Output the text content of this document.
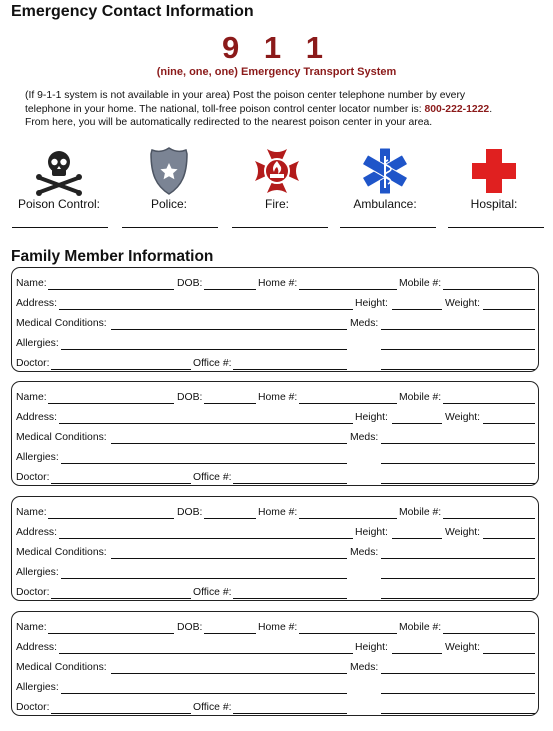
Emergency Contact Information
9 1 1
(nine, one, one) Emergency Transport System
(If 9-1-1 system is not available in your area) Post the poison center telephone number by every
telephone in your home. The national, toll-free poison control center locator number is: 800-222-1222.
From here, you will be automatically redirected to the nearest poison center in your area.
Poison Control:	Police:	Fire:	Ambulance:	Hospital:
Family Member Information
Name:	DOB:	Home #:	Mobile #:
Address:	Height:	Weight:
Medical Conditions:	Meds:
Allergies:
Doctor:	Office #:
Name:	DOB:	Home #:	Mobile #:
Address:	Height:	Weight:
Medical Conditions:	Meds:
Allergies:
Doctor:	Office #:
Name:	DOB:	Home #:	Mobile #:
Address:	Height:	Weight:
Medical Conditions:	Meds:
Allergies:
Doctor:	Office #:
Name:	DOB:	Home #:	Mobile #:
Address:	Height:	Weight:
Medical Conditions:	Meds:
Allergies:
Doctor:	Office #:
